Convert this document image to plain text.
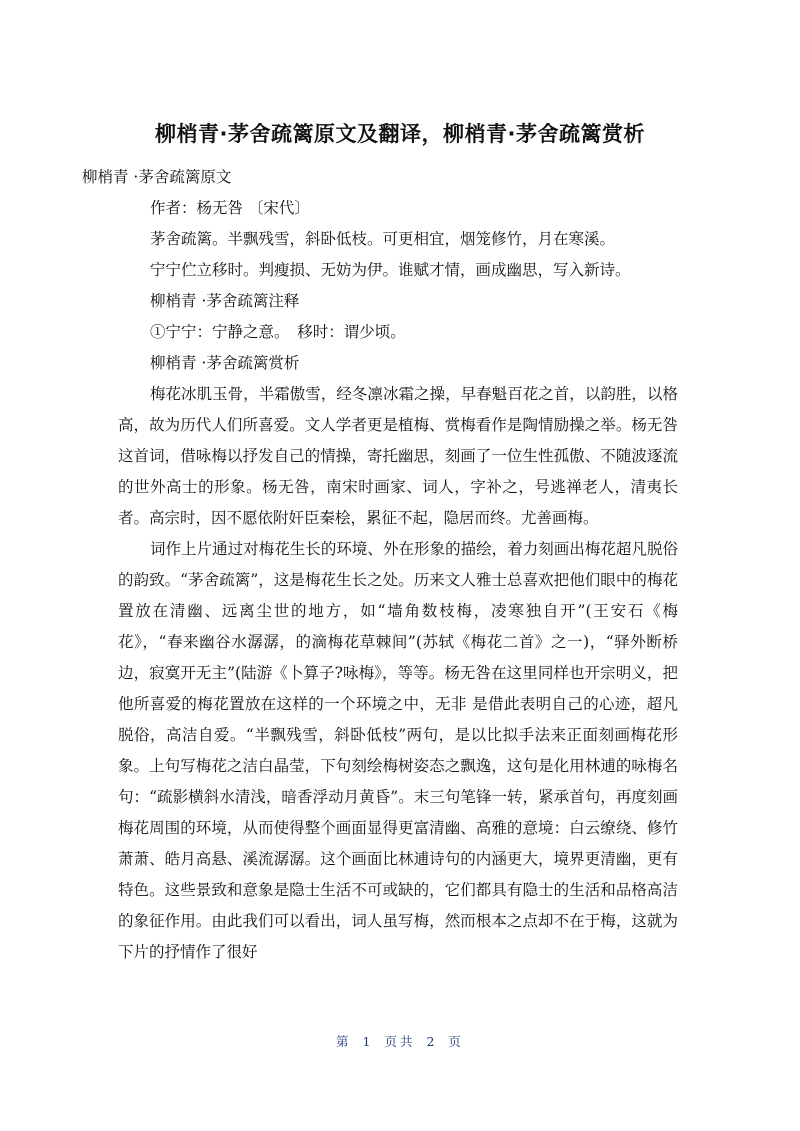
柳梢青·茅舍疏篱原文及翻译，柳梢青·茅舍疏篱赏析

柳梢青 ·茅舍疏篱原文

作者：杨无咎 〔宋代〕

茅舍疏篱。半飘残雪，斜卧低枝。可更相宜，烟笼修竹，月在寒溪。

宁宁伫立移时。判瘦损、无妨为伊。谁赋才情，画成幽思，写入新诗。

柳梢青 ·茅舍疏篱注释

①宁宁：宁静之意。　移时：谓少顷。

柳梢青 ·茅舍疏篱赏析

梅花冰肌玉骨，半霜傲雪，经冬凛冰霜之操，早春魁百花之首，以韵胜，以格高，故为历代人们所喜爱。文人学者更是植梅、赏梅看作是陶情励操之举。杨无咎这首词，借咏梅以抒发自己的情操，寄托幽思，刻画了一位生性孤傲、不随波逐流的世外高士的形象。杨无咎，南宋时画家、词人，字补之，号逃禅老人，清夷长者。高宗时，因不愿依附奸臣秦桧，累征不起，隐居而终。尤善画梅。

词作上片通过对梅花生长的环境、外在形象的描绘，着力刻画出梅花超凡脱俗 的韵致。“茅舍疏篱”，这是梅花生长之处。历来文人雅士总喜欢把他们眼中的梅花置放在清幽、远离尘世的地方，如“墙角数枝梅，凌寒独自开”(王安石《梅花》，“春来幽谷水潺潺，的滴梅花草棘间”(苏轼《梅花二首》之一)，“驿外断桥边，寂寞开无主”(陆游《卜算子?咏梅》，等等。杨无咎在这里同样也开宗明义，把他所喜爱的梅花置放在这样的一个环境之中，无非 是借此表明自己的心迹，超凡脱俗，高洁自爱。“半飘残雪，斜卧低枝”两句，是以比拟手法来正面刻画梅花形象。上句写梅花之洁白晶莹，下句刻绘梅树姿态之飘逸，这句是化用林逋的咏梅名句：“疏影横斜水清浅，暗香浮动月黄昏”。末三句笔锋一转，紧承首句，再度刻画梅花周围的环境，从而使得整个画面显得更富清幽、高雅的意境：白云缭绕、修竹萧萧、皓月高悬、溪流潺潺。这个画面比林逋诗句的内涵更大，境界更清幽，更有特色。这些景致和意象是隐士生活不可或缺的，它们都具有隐士的生活和品格高洁的象征作用。由此我们可以看出，词人虽写梅，然而根本之点却不在于梅，这就为下片的抒情作了很好

第 1 页共 2 页
